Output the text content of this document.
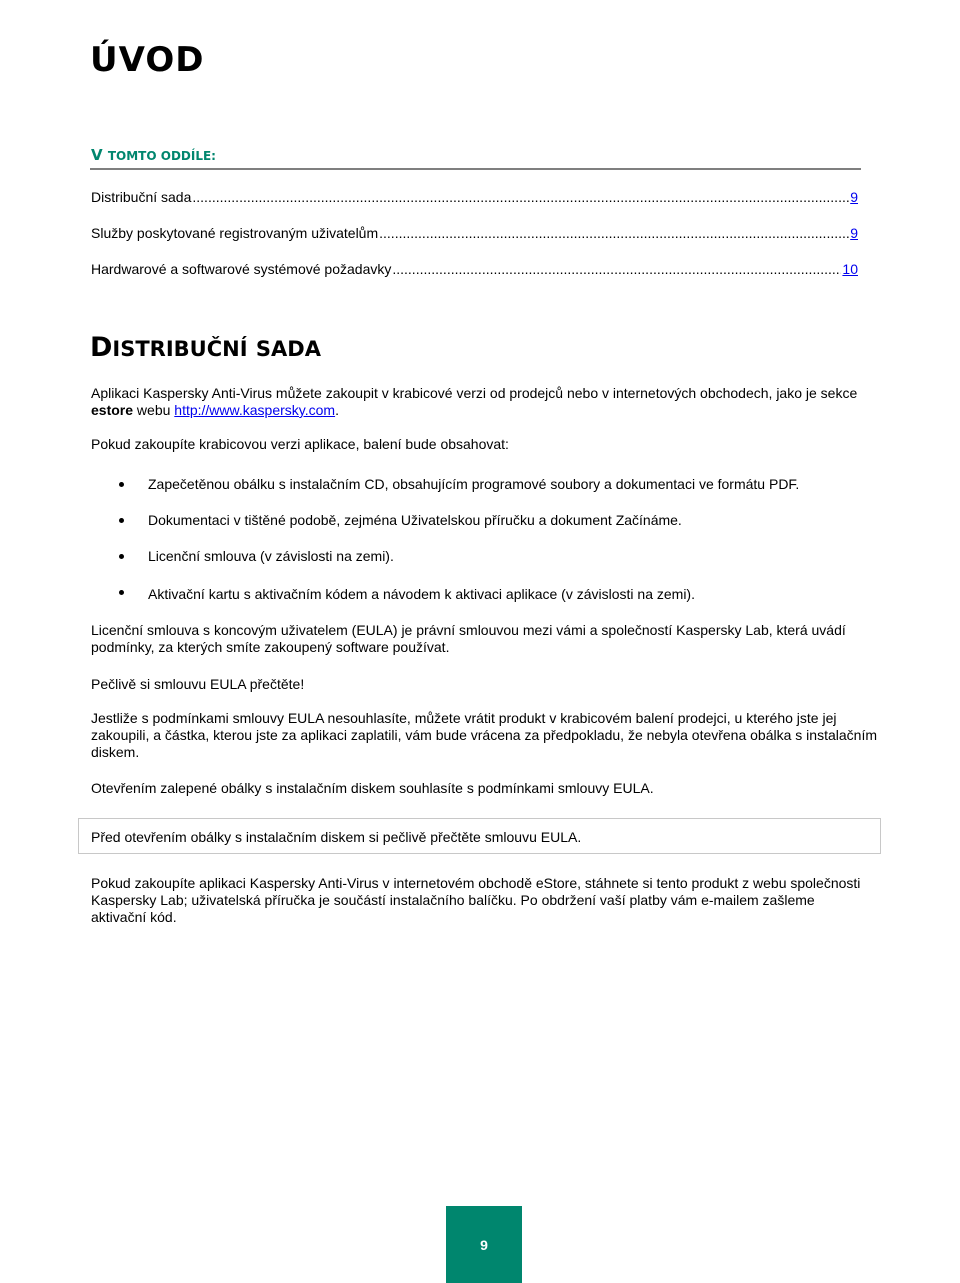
ÚVOD

V TOMTO ODDÍLE:

Distribuční sada .....	9
Služby poskytované registrovaným uživatelům .....	9
Hardwarové a softwarové systémové požadavky .....	10
DISTRIBUČNÍ SADA

Aplikaci Kaspersky Anti-Virus můžete zakoupit v krabicové verzi od prodejců nebo v internetových obchodech, jako je sekce estore webu http://www.kaspersky.com.

Pokud zakoupíte krabicovou verzi aplikace, balení bude obsahovat:

Zapečetěnou obálku s instalačním CD, obsahujícím programové soubory a dokumentaci ve formátu PDF.

Dokumentaci v tištěné podobě, zejména Uživatelskou příručku a dokument Začínáme.

Licenční smlouva (v závislosti na zemi).

Aktivační kartu s aktivačním kódem a návodem k aktivaci aplikace (v závislosti na zemi).

Licenční smlouva s koncovým uživatelem (EULA) je právní smlouvou mezi vámi a společností Kaspersky Lab, která uvádí podmínky, za kterých smíte zakoupený software používat.

Pečlivě si smlouvu EULA přečtěte!

Jestliže s podmínkami smlouvy EULA nesouhlasíte, můžete vrátit produkt v krabicovém balení prodejci, u kterého jste jej zakoupili, a částka, kterou jste za aplikaci zaplatili, vám bude vrácena za předpokladu, že nebyla otevřena obálka s instalačním diskem.

Otevřením zalepené obálky s instalačním diskem souhlasíte s podmínkami smlouvy EULA.

Před otevřením obálky s instalačním diskem si pečlivě přečtěte smlouvu EULA.

Pokud zakoupíte aplikaci Kaspersky Anti-Virus v internetovém obchodě eStore, stáhnete si tento produkt z webu společnosti Kaspersky Lab; uživatelská příručka je součástí instalačního balíčku. Po obdržení vaší platby vám e-mailem zašleme aktivační kód.

9
